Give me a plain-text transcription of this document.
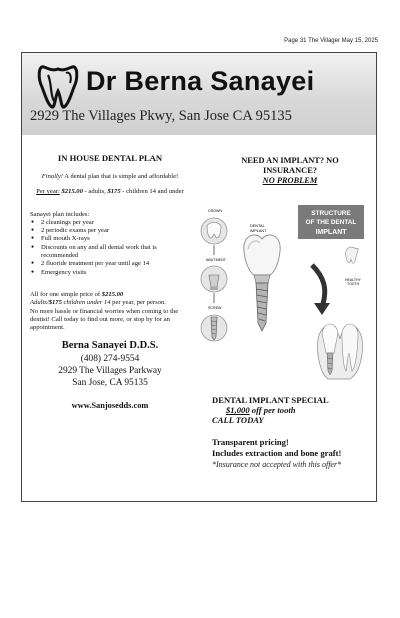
Page 31 The Villager May 15, 2025
Dr Berna Sanayei
2929 The Villages Pkwy, San Jose CA 95135
IN HOUSE DENTAL PLAN
Finally! A dental plan that is simple and affordable!
Per year: $215.00 - adults, $175 - children 14 and under
Sanayei plan includes:
● 2 cleanings per year
● 2 periodic exams per year
● Full mouth X-rays
● Discounts on any and all dental work that is recommended
● 2 fluoride treatment per year until age 14
● Emergency visits
All for one simple price of $215.00
Adults/$175 children under 14 per year, per person.
No more hassle or financial worries when coming to the dentist! Call today to find out more, or stop by for an appointment.
Berna Sanayei D.D.S.
(408) 274-9554
2929 The Villages Parkway
San Jose, CA 95135
www.Sanjosedds.com
NEED AN IMPLANT? NO
INSURANCE?
NO PROBLEM
CROWN
ABUTMENT
SCREW
DENTAL
IMPLANT
STRUCTURE
OF THE DENTAL
IMPLANT
HEALTHY
TOOTH
DENTAL IMPLANT SPECIAL
$1,000 off per tooth
CALL TODAY
Transparent pricing!
Includes extraction and bone graft!
*Insurance not accepted with this offer*
